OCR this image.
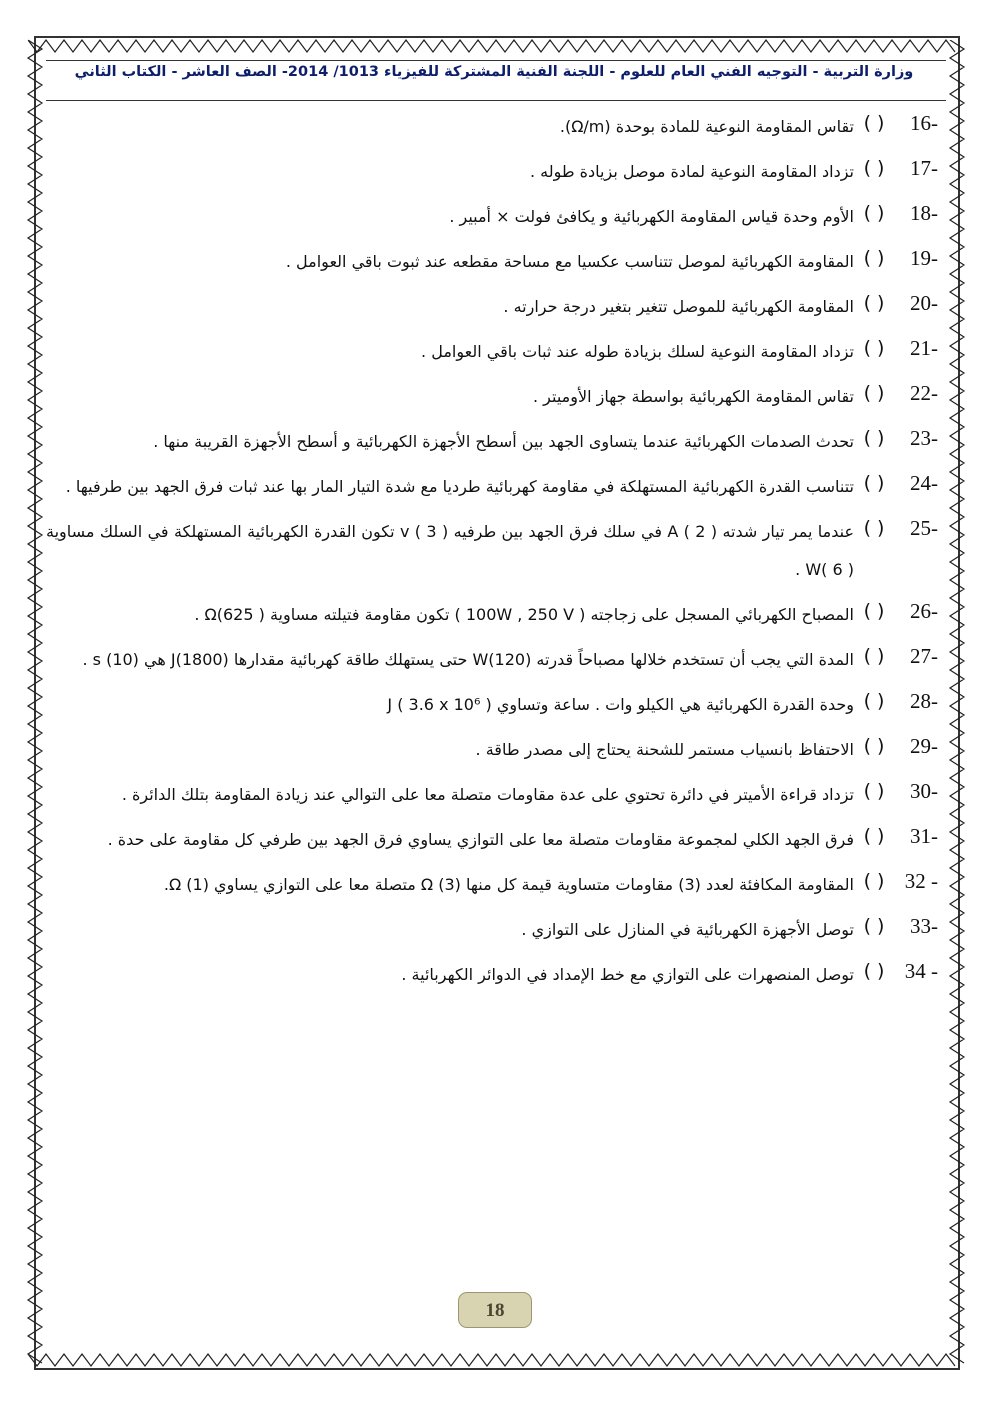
وزارة التربية - التوجيه الفني العام للعلوم - اللجنة الفنية المشتركة للفيزياء 1013/ 2014- الصف العاشر - الكتاب الثاني
16-
( )
تقاس المقاومة النوعية للمادة بوحدة (Ω/m).
17-
( )
تزداد المقاومة النوعية لمادة موصل بزيادة طوله .
18-
( )
الأوم وحدة قياس المقاومة الكهربائية و يكافئ فولت × أمبير .
19-
( )
المقاومة الكهربائية لموصل تتناسب عكسيا مع مساحة مقطعه عند ثبوت باقي العوامل .
20-
( )
المقاومة الكهربائية للموصل تتغير بتغير درجة حرارته .
21-
( )
تزداد المقاومة النوعية لسلك بزيادة طوله عند ثبات باقي العوامل .
22-
( )
تقاس المقاومة الكهربائية بواسطة جهاز الأوميتر .
23-
( )
تحدث الصدمات الكهربائية عندما يتساوى الجهد بين أسطح الأجهزة الكهربائية و أسطح الأجهزة القريبة منها .
24-
( )
تتناسب القدرة الكهربائية المستهلكة في مقاومة كهربائية طرديا مع شدة التيار المار بها عند ثبات فرق الجهد بين طرفيها .
25-
( )
عندما يمر تيار شدته A ( 2 ) في سلك فرق الجهد بين طرفيه v ( 3 ) تكون القدرة الكهربائية المستهلكة في السلك مساوية W( 6 ) .
26-
( )
المصباح الكهربائي المسجل على زجاجته ( 100W , 250 V ) تكون مقاومة فتيلته مساوية Ω(625 ) .
27-
( )
المدة التي يجب أن تستخدم خلالها مصباحاً قدرته W(120) حتى يستهلك طاقة كهربائية مقدارها J(1800) هي s (10) .
28-
( )
وحدة القدرة الكهربائية هي الكيلو وات . ساعة وتساوي J ( 3.6 x 10⁶ )
29-
( )
الاحتفاظ بانسياب مستمر للشحنة يحتاج إلى مصدر طاقة .
30-
( )
تزداد قراءة الأميتر في دائرة تحتوي على عدة مقاومات متصلة معا على التوالي عند زيادة المقاومة بتلك الدائرة .
31-
( )
فرق الجهد الكلي لمجموعة مقاومات متصلة معا على التوازي يساوي فرق الجهد بين طرفي كل مقاومة على حدة .
32 -
( )
المقاومة المكافئة لعدد (3) مقاومات متساوية قيمة كل منها Ω (3) متصلة معا على التوازي يساوي Ω (1).
33-
( )
توصل الأجهزة الكهربائية في المنازل على التوازي .
34 -
( )
توصل المنصهرات على التوازي مع خط الإمداد في الدوائر الكهربائية .
18
